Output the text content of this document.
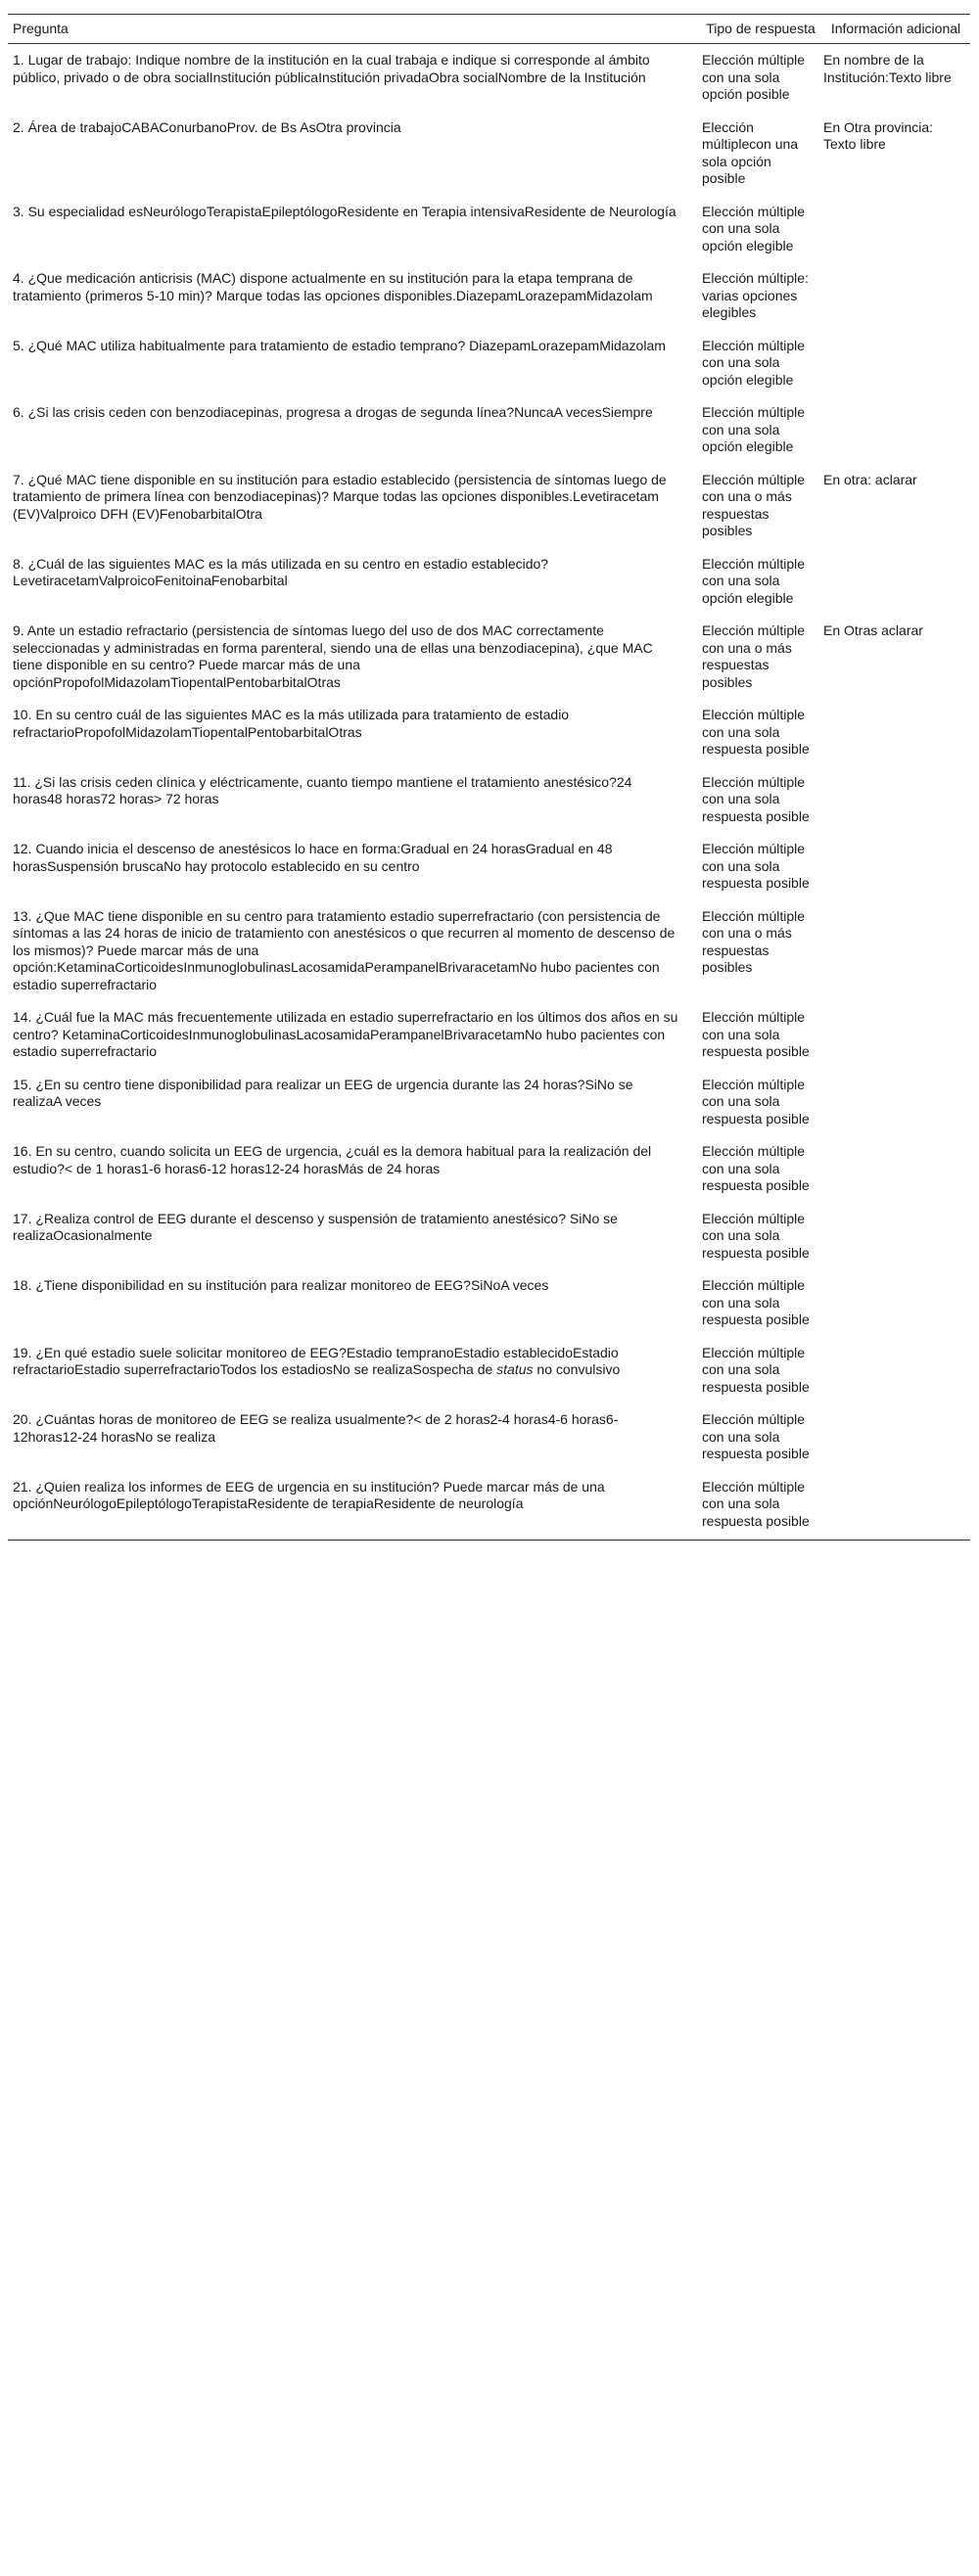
Pregunta	Tipo de respuesta	Información adicional
1. Lugar de trabajo: Indique nombre de la institución en la cual trabaja e indique si corresponde al ámbito público, privado o de obra socialInstitución públicaInstitución privadaObra socialNombre de la Institución	Elección múltiple con una sola opción posible	En nombre de la Institución:Texto libre
2. Área de trabajoCABAConurbanoProv. de Bs AsOtra provincia	Elección múltiplecon una sola opción posible	En Otra provincia: Texto libre
3. Su especialidad esNeurólogoTerapistaEpileptólogoResidente en Terapia intensivaResidente de Neurología	Elección múltiple con una sola opción elegible	
4. ¿Que medicación anticrisis (MAC) dispone actualmente en su institución para la etapa temprana de tratamiento (primeros 5-10 min)? Marque todas las opciones disponibles.DiazepamLorazepamMidazolam	Elección múltiple: varias opciones elegibles	
5. ¿Qué MAC utiliza habitualmente para tratamiento de estadio temprano? DiazepamLorazepamMidazolam	Elección múltiple con una sola opción elegible	
6. ¿Si las crisis ceden con benzodiacepinas, progresa a drogas de segunda línea?NuncaA vecesSiempre	Elección múltiple con una sola opción elegible	
7. ¿Qué MAC tiene disponible en su institución para estadio establecido (persistencia de síntomas luego de tratamiento de primera línea con benzodiacepinas)? Marque todas las opciones disponibles.Levetiracetam (EV)Valproico DFH (EV)FenobarbitalOtra	Elección múltiple con una o más respuestas posibles	En otra: aclarar
8. ¿Cuál de las siguientes MAC es la más utilizada en su centro en estadio establecido? LevetiracetamValproicoFenitoinaFenobarbital	Elección múltiple con una sola opción elegible	
9. Ante un estadio refractario (persistencia de síntomas luego del uso de dos MAC correctamente seleccionadas y administradas en forma parenteral, siendo una de ellas una benzodiacepina), ¿que MAC tiene disponible en su centro? Puede marcar más de una opciónPropofolMidazolamTiopentalPentobarbitalOtras	Elección múltiple con una o más respuestas posibles	En Otras aclarar
10. En su centro cuál de las siguientes MAC es la más utilizada para tratamiento de estadio refractarioPropofolMidazolamTiopentalPentobarbitalOtras	Elección múltiple con una sola respuesta posible	
11. ¿Si las crisis ceden clínica y eléctricamente, cuanto tiempo mantiene el tratamiento anestésico?24 horas48 horas72 horas> 72 horas	Elección múltiple con una sola respuesta posible	
12. Cuando inicia el descenso de anestésicos lo hace en forma:Gradual en 24 horasGradual en 48 horasSuspensión bruscaNo hay protocolo establecido en su centro	Elección múltiple con una sola respuesta posible	
13. ¿Que MAC tiene disponible en su centro para tratamiento estadio superrefractario (con persistencia de síntomas a las 24 horas de inicio de tratamiento con anestésicos o que recurren al momento de descenso de los mismos)? Puede marcar más de una opción:KetaminaCorticoidesInmunoglobulinasLacosamidaPerampanelBrivaracetamNo hubo pacientes con estadio superrefractario	Elección múltiple con una o más respuestas posibles	
14. ¿Cuál fue la MAC más frecuentemente utilizada en estadio superrefractario en los últimos dos años en su centro? KetaminaCorticoidesInmunoglobulinasLacosamidaPerampanelBrivaracetamNo hubo pacientes con estadio superrefractario	Elección múltiple con una sola respuesta posible	
15. ¿En su centro tiene disponibilidad para realizar un EEG de urgencia durante las 24 horas?SiNo se realizaA veces	Elección múltiple con una sola respuesta posible	
16. En su centro, cuando solicita un EEG de urgencia, ¿cuál es la demora habitual para la realización del estudio?< de 1 horas1-6 horas6-12 horas12-24 horasMás de 24 horas	Elección múltiple con una sola respuesta posible	
17. ¿Realiza control de EEG durante el descenso y suspensión de tratamiento anestésico? SiNo se realizaOcasionalmente	Elección múltiple con una sola respuesta posible	
18. ¿Tiene disponibilidad en su institución para realizar monitoreo de EEG?SiNoA veces	Elección múltiple con una sola respuesta posible	
19. ¿En qué estadio suele solicitar monitoreo de EEG?Estadio tempranoEstadio establecidoEstadio refractarioEstadio superrefractarioTodos los estadiosNo se realizaSospecha de status no convulsivo	Elección múltiple con una sola respuesta posible	
20. ¿Cuántas horas de monitoreo de EEG se realiza usualmente?< de 2 horas2-4 horas4-6 horas6-12horas12-24 horasNo se realiza	Elección múltiple con una sola respuesta posible	
21. ¿Quien realiza los informes de EEG de urgencia en su institución? Puede marcar más de una opciónNeurólogoEpileptólogoTerapistaResidente de terapiaResidente de neurología	Elección múltiple con una sola respuesta posible	
